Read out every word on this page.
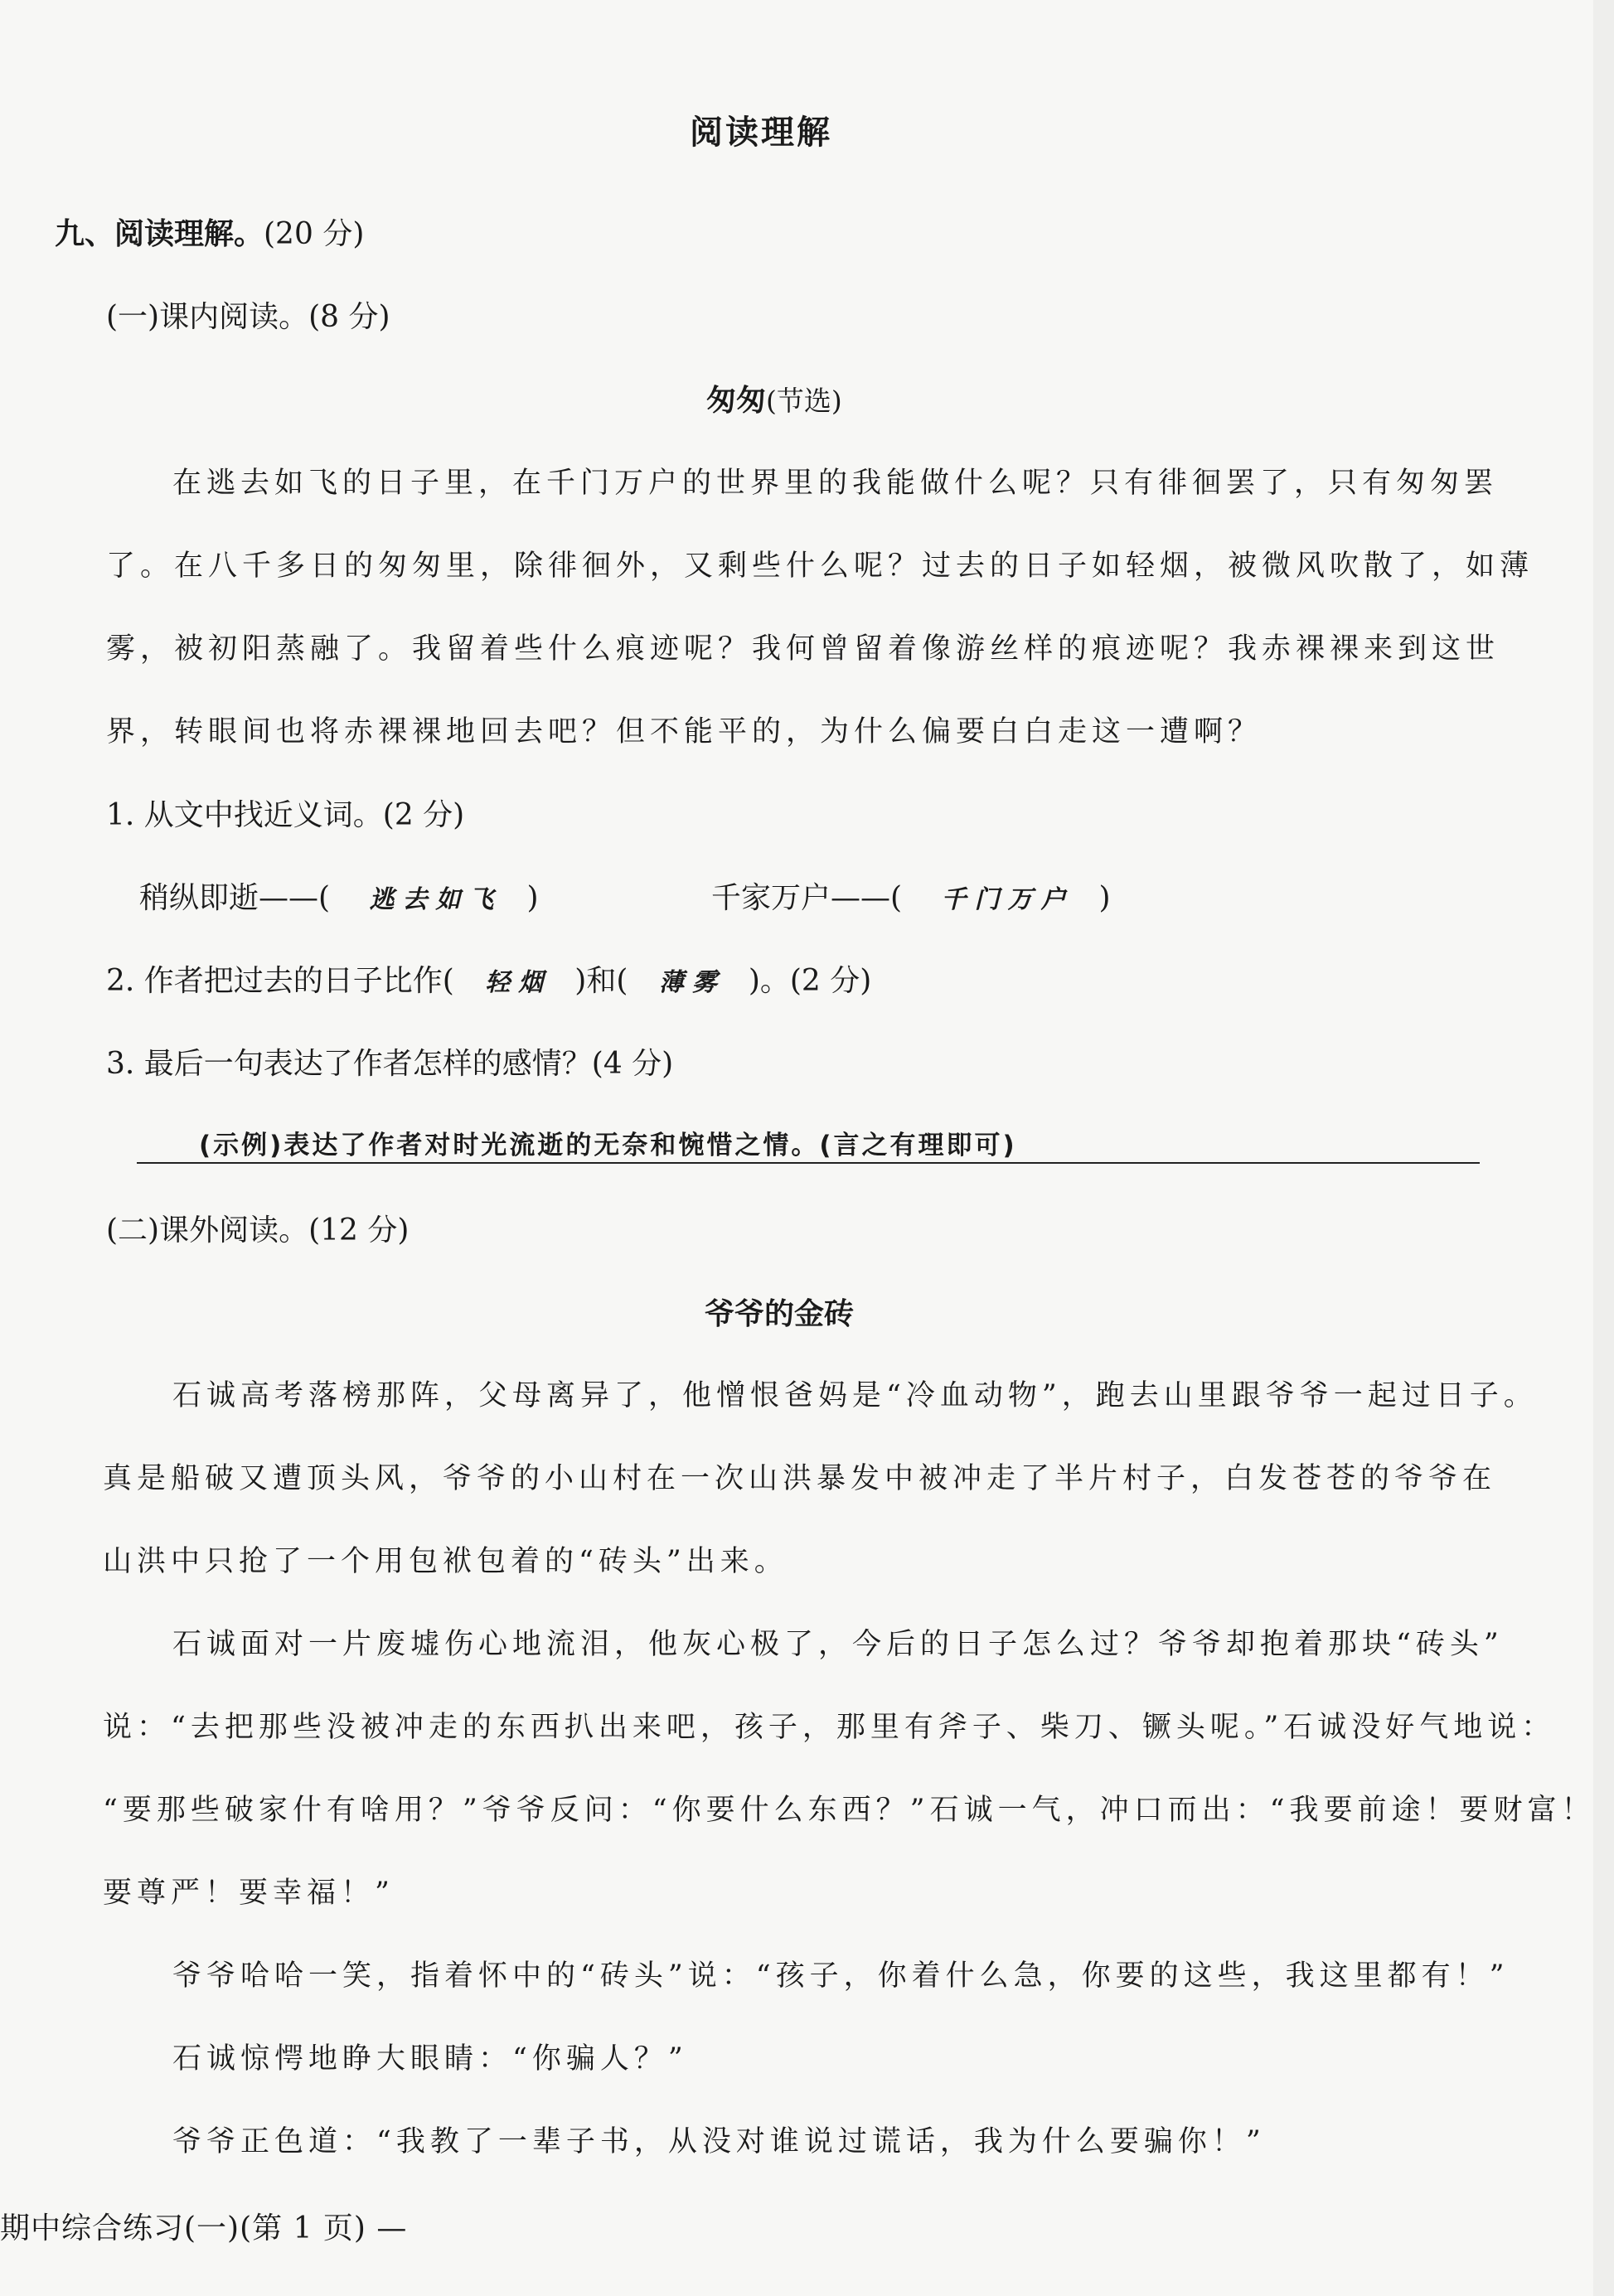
阅读理解
九、阅读理解。(20 分)
(一)课内阅读。(8 分)
匆匆(节选)
在逃去如飞的日子里，在千门万户的世界里的我能做什么呢？只有徘徊罢了，只有匆匆罢
了。在八千多日的匆匆里，除徘徊外，又剩些什么呢？过去的日子如轻烟，被微风吹散了，如薄
雾，被初阳蒸融了。我留着些什么痕迹呢？我何曾留着像游丝样的痕迹呢？我赤裸裸来到这世
界，转眼间也将赤裸裸地回去吧？但不能平的，为什么偏要白白走这一遭啊？
1. 从文中找近义词。(2 分)
稍纵即逝——( 逃去如飞 )	千家万户——( 千门万户 )
2. 作者把过去的日子比作( 轻烟 )和( 薄雾 )。(2 分)
3. 最后一句表达了作者怎样的感情？(4 分)
(示例)表达了作者对时光流逝的无奈和惋惜之情。(言之有理即可)
(二)课外阅读。(12 分)
爷爷的金砖
石诚高考落榜那阵，父母离异了，他憎恨爸妈是“冷血动物”，跑去山里跟爷爷一起过日子。
真是船破又遭顶头风，爷爷的小山村在一次山洪暴发中被冲走了半片村子，白发苍苍的爷爷在
山洪中只抢了一个用包袱包着的“砖头”出来。
石诚面对一片废墟伤心地流泪，他灰心极了，今后的日子怎么过？爷爷却抱着那块“砖头”
说：“去把那些没被冲走的东西扒出来吧，孩子，那里有斧子、柴刀、镢头呢。”石诚没好气地说：
“要那些破家什有啥用？”爷爷反问：“你要什么东西？”石诚一气，冲口而出：“我要前途！要财富！
要尊严！要幸福！”
爷爷哈哈一笑，指着怀中的“砖头”说：“孩子，你着什么急，你要的这些，我这里都有！”
石诚惊愕地睁大眼睛：“你骗人？”
爷爷正色道：“我教了一辈子书，从没对谁说过谎话，我为什么要骗你！”
期中综合练习(一)(第 1 页) —
